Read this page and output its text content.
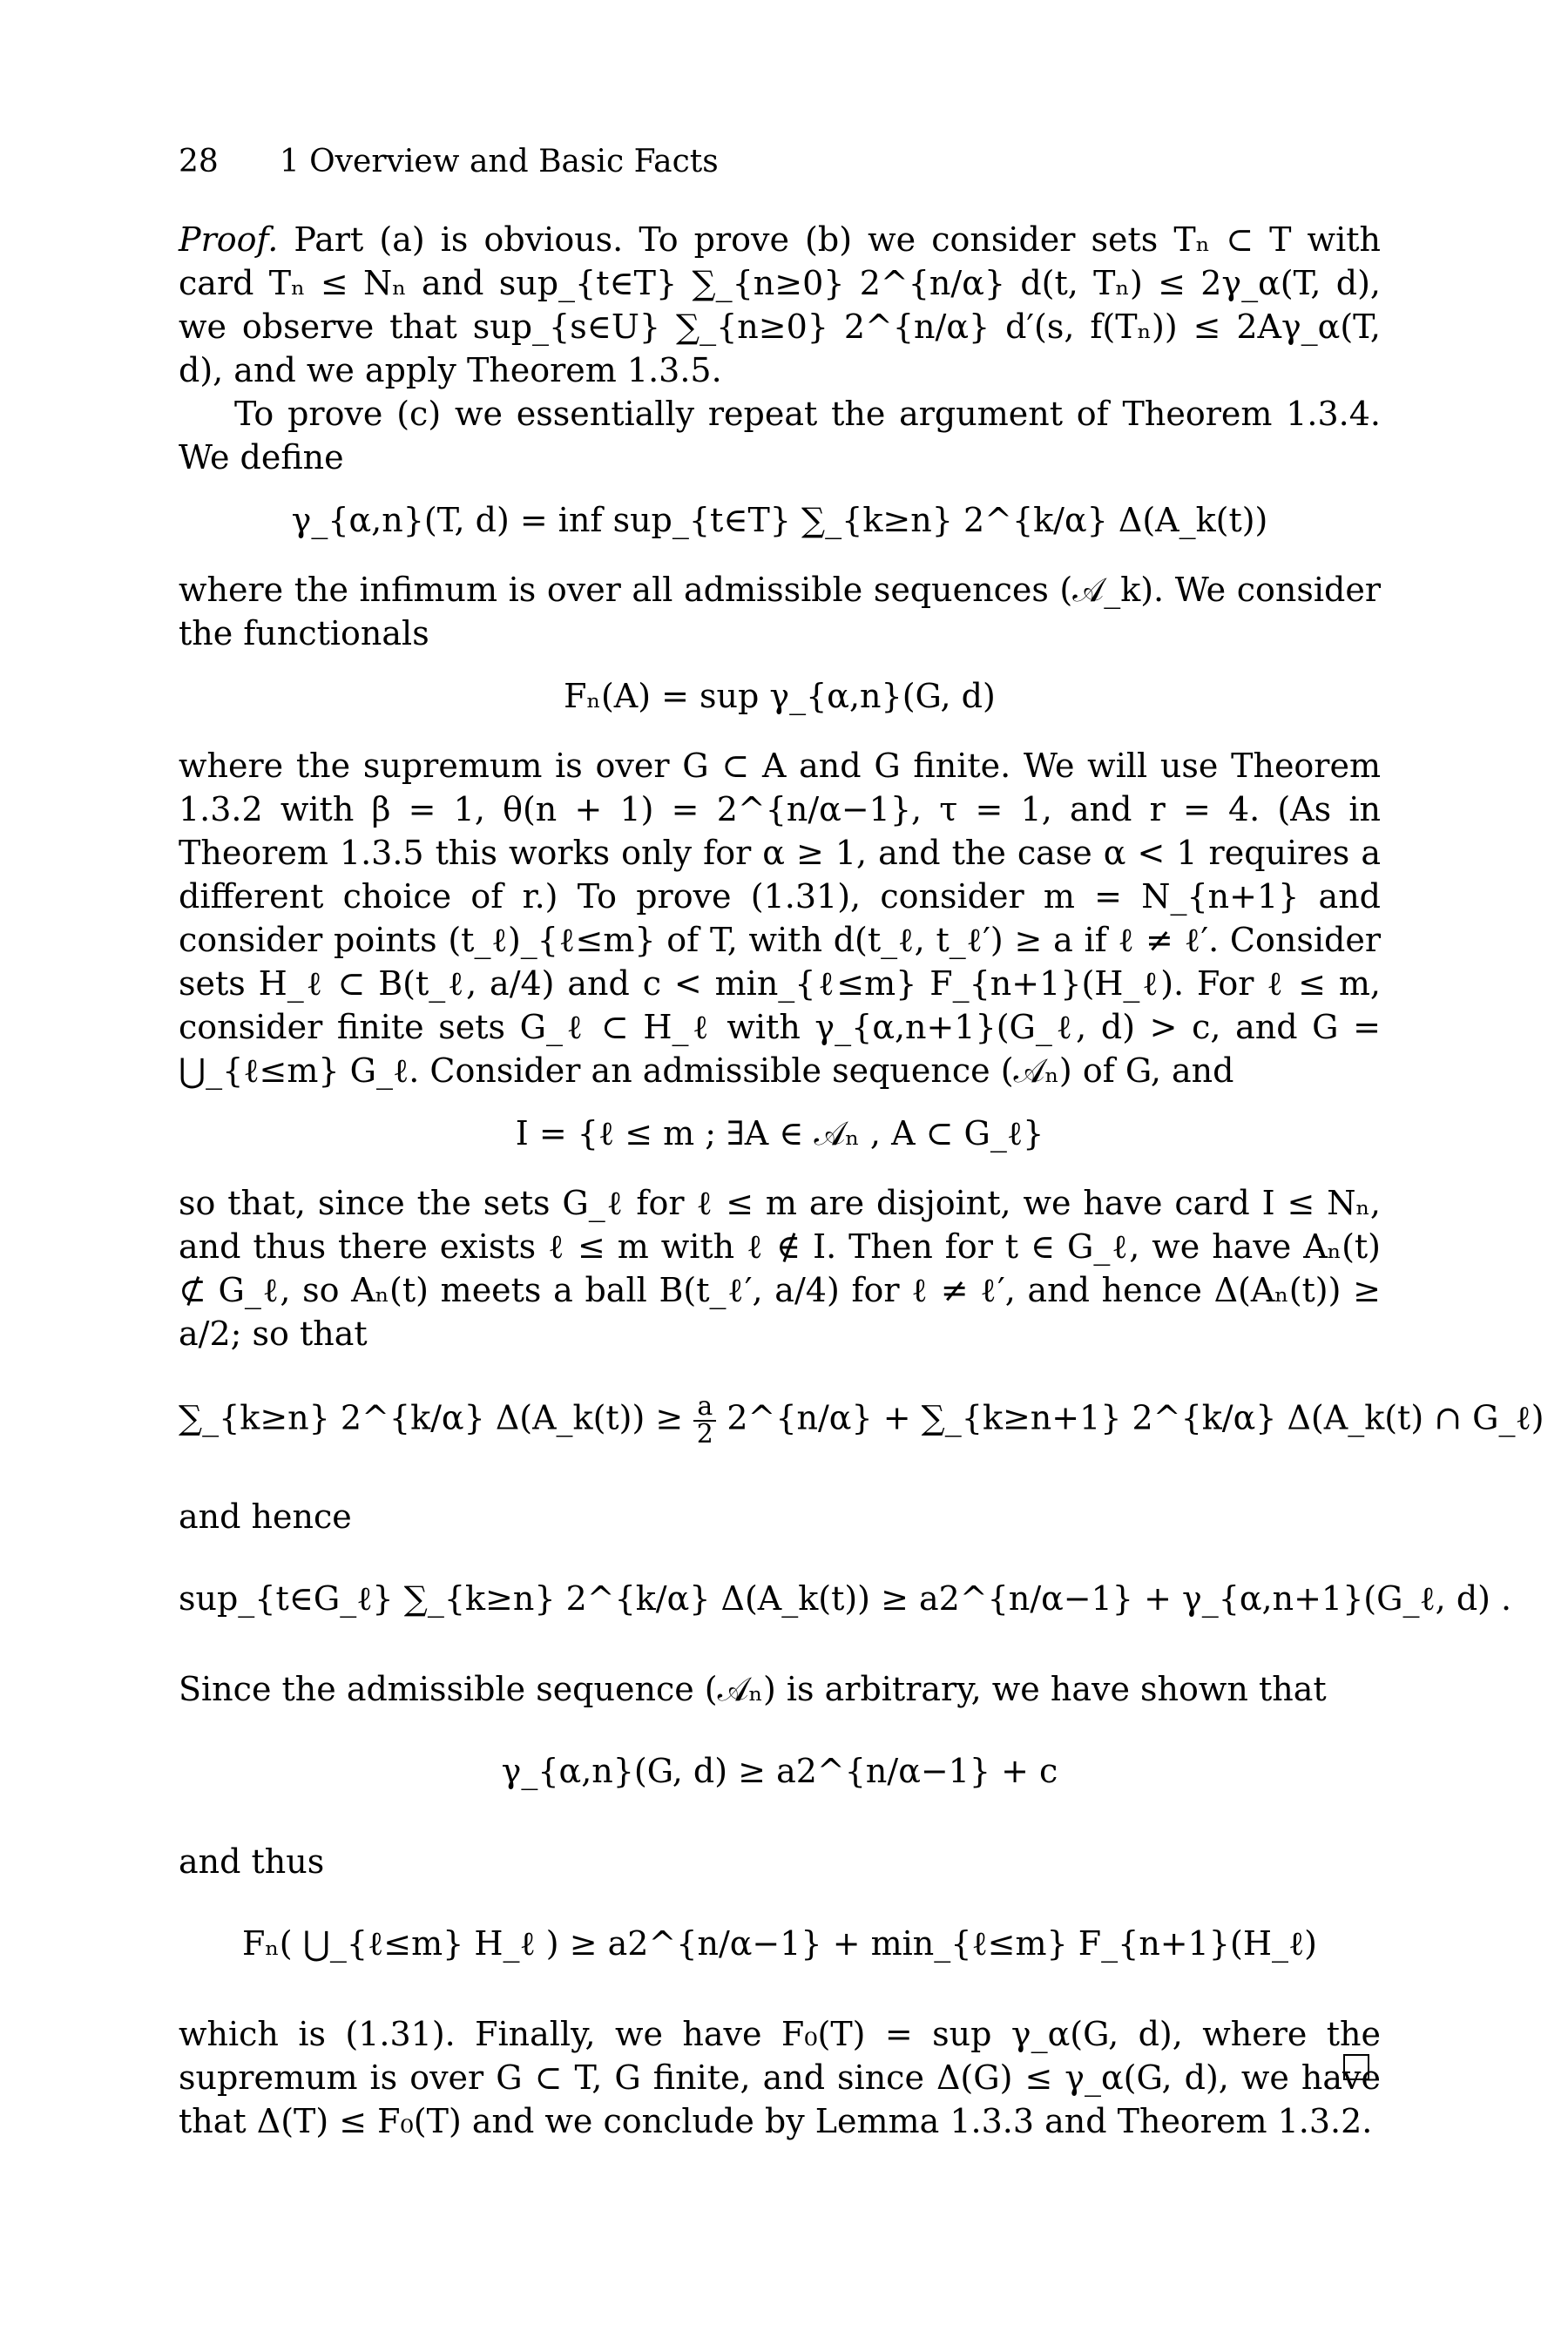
28 1 Overview and Basic Facts

Proof. Part (a) is obvious. To prove (b) we consider sets Tₙ ⊂ T with card Tₙ ≤ Nₙ and sup_{t∈T} ∑_{n≥0} 2^{n/α} d(t, Tₙ) ≤ 2γ_α(T, d), we observe that sup_{s∈U} ∑_{n≥0} 2^{n/α} d′(s, f(Tₙ)) ≤ 2Aγ_α(T, d), and we apply Theorem 1.3.5.

To prove (c) we essentially repeat the argument of Theorem 1.3.4. We define

γ_{α,n}(T, d) = inf sup_{t∈T} ∑_{k≥n} 2^{k/α} Δ(A_k(t))

where the infimum is over all admissible sequences (𝒜_k). We consider the functionals

Fₙ(A) = sup γ_{α,n}(G, d)

where the supremum is over G ⊂ A and G finite. We will use Theorem 1.3.2 with β = 1, θ(n + 1) = 2^{n/α−1}, τ = 1, and r = 4. (As in Theorem 1.3.5 this works only for α ≥ 1, and the case α < 1 requires a different choice of r.) To prove (1.31), consider m = N_{n+1} and consider points (t_ℓ)_{ℓ≤m} of T, with d(t_ℓ, t_ℓ′) ≥ a if ℓ ≠ ℓ′. Consider sets H_ℓ ⊂ B(t_ℓ, a/4) and c < min_{ℓ≤m} F_{n+1}(H_ℓ). For ℓ ≤ m, consider finite sets G_ℓ ⊂ H_ℓ with γ_{α,n+1}(G_ℓ, d) > c, and G = ⋃_{ℓ≤m} G_ℓ. Consider an admissible sequence (𝒜ₙ) of G, and

I = {ℓ ≤ m ; ∃A ∈ 𝒜ₙ , A ⊂ G_ℓ}

so that, since the sets G_ℓ for ℓ ≤ m are disjoint, we have card I ≤ Nₙ, and thus there exists ℓ ≤ m with ℓ ∉ I. Then for t ∈ G_ℓ, we have Aₙ(t) ⊄ G_ℓ, so Aₙ(t) meets a ball B(t_ℓ′, a/4) for ℓ ≠ ℓ′, and hence Δ(Aₙ(t)) ≥ a/2; so that

∑_{k≥n} 2^{k/α} Δ(A_k(t)) ≥ $\frac{a}{2}$ 2^{n/α} + ∑_{k≥n+1} 2^{k/α} Δ(A_k(t) ∩ G_ℓ)

and hence

sup_{t∈G_ℓ} ∑_{k≥n} 2^{k/α} Δ(A_k(t)) ≥ a2^{n/α−1} + γ_{α,n+1}(G_ℓ, d) .

Since the admissible sequence (𝒜ₙ) is arbitrary, we have shown that

γ_{α,n}(G, d) ≥ a2^{n/α−1} + c

and thus

Fₙ( ⋃_{ℓ≤m} H_ℓ ) ≥ a2^{n/α−1} + min_{ℓ≤m} F_{n+1}(H_ℓ)

which is (1.31). Finally, we have F₀(T) = sup γ_α(G, d), where the supremum is over G ⊂ T, G finite, and since Δ(G) ≤ γ_α(G, d), we have that Δ(T) ≤ F₀(T) and we conclude by Lemma 1.3.3 and Theorem 1.3.2.
